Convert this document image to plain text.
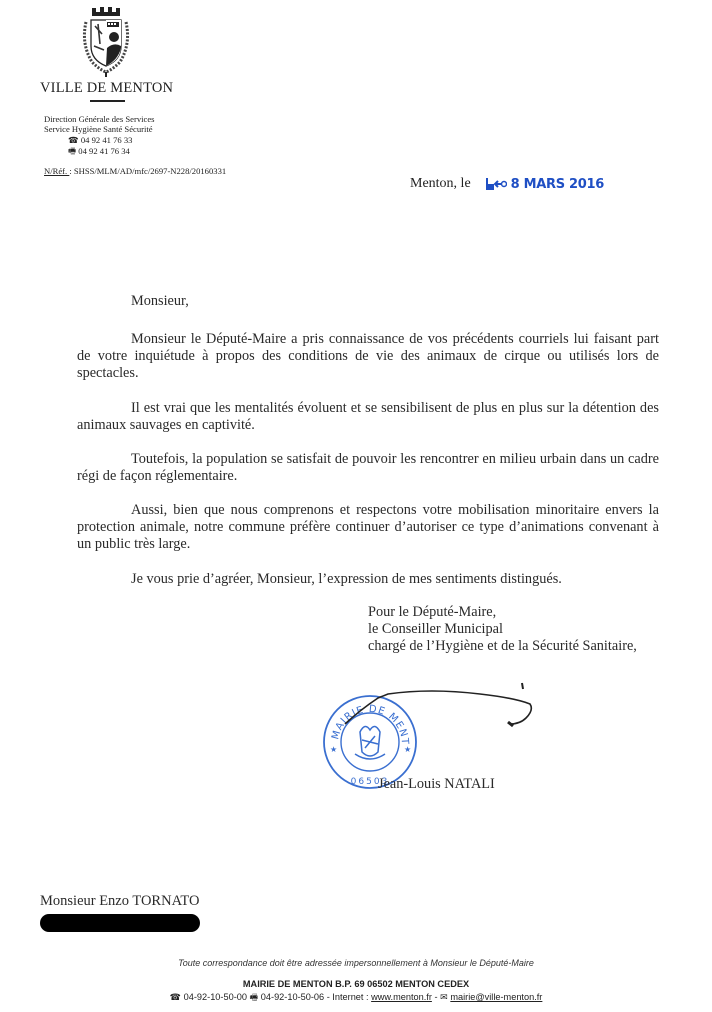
VILLE DE MENTON
Direction Générale des Services
Service Hygiène Santé Sécurité
☎ 04 92 41 76 33
🖷 04 92 41 76 34
N/Réf. : SHSS/MLM/AD/mfc/2697-N228/20160331
Menton, le	8 MARS 2016
Monsieur,

Monsieur le Député-Maire a pris connaissance de vos précédents courriels lui faisant part de votre inquiétude à propos des conditions de vie des animaux de cirque ou utilisés lors de spectacles.

Il est vrai que les mentalités évoluent et se sensibilisent de plus en plus sur la détention des animaux sauvages en captivité.

Toutefois, la population se satisfait de pouvoir les rencontrer en milieu urbain dans un cadre régi de façon réglementaire.

Aussi, bien que nous comprenons et respectons votre mobilisation minoritaire envers la protection animale, notre commune préfère continuer d’autoriser ce type d’animations convenant à un public très large.

Je vous prie d’agréer, Monsieur, l’expression de mes sentiments distingués.

Pour le Député-Maire,
le Conseiller Municipal
chargé de l’Hygiène et de la Sécurité Sanitaire,
MAIRIE DE MENT
06503
★	★
Jean-Louis NATALI
Monsieur Enzo TORNATO
Toute correspondance doit être adressée impersonnellement à Monsieur le Député-Maire
MAIRIE DE MENTON B.P. 69 06502 MENTON CEDEX
☎ 04-92-10-50-00 🖷 04-92-10-50-06 - Internet : www.menton.fr - ✉ mairie@ville-menton.fr
